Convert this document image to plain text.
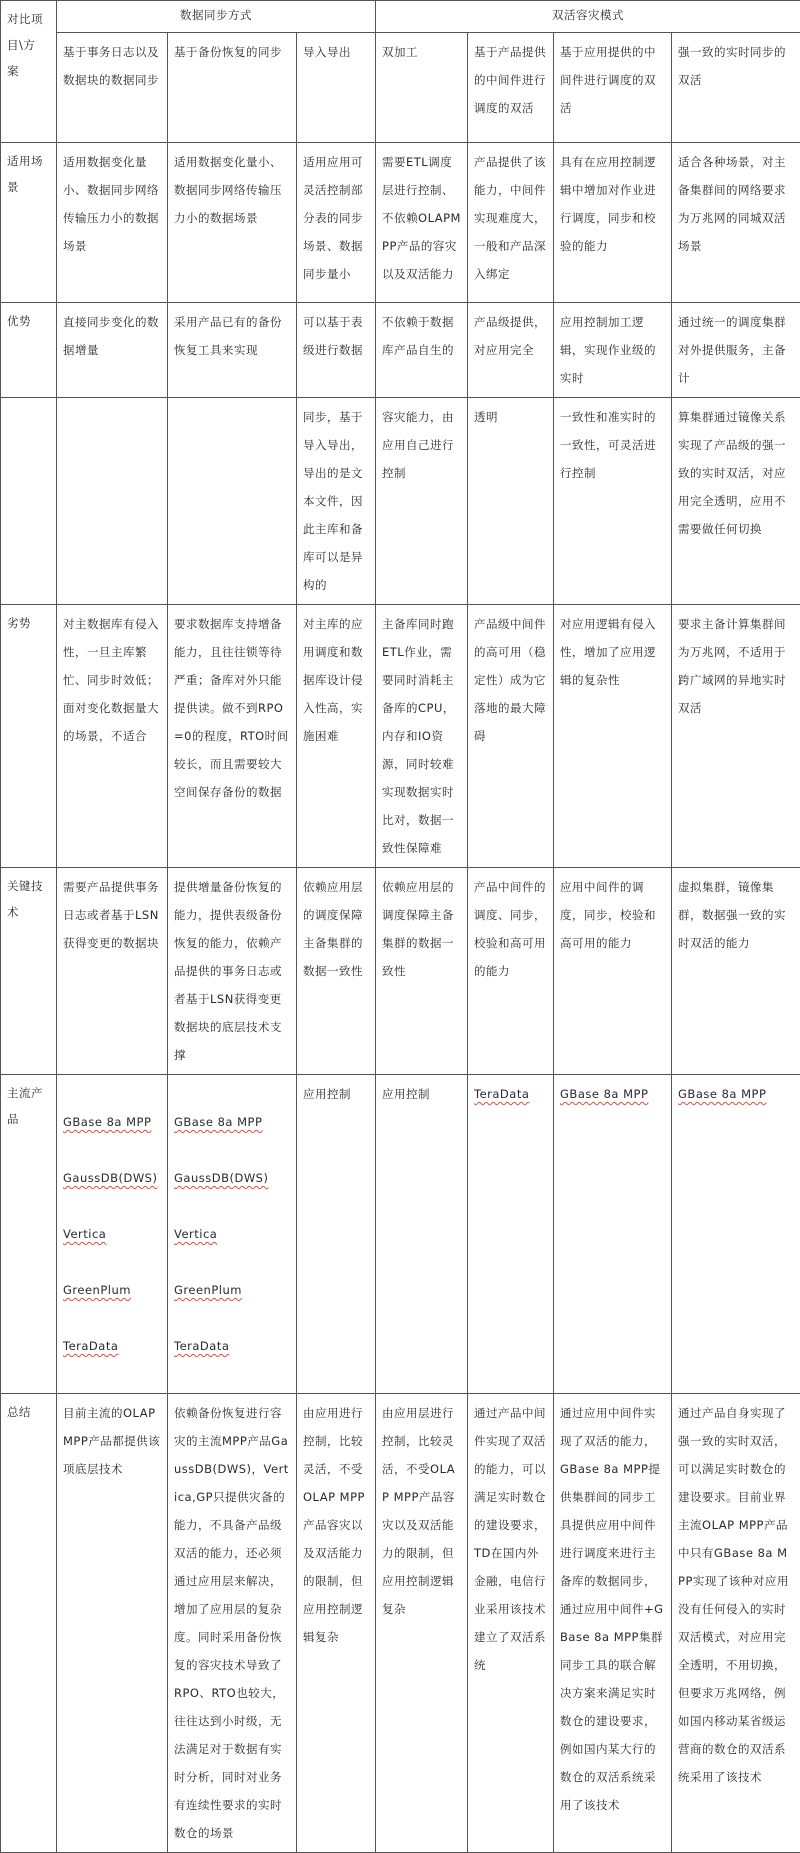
对比项
目\方
案	数据同步方式			双活容灾模式			
	基于事务日志以及数据块的数据同步	基于备份恢复的同步	导入导出	双加工	基于产品提供的中间件进行调度的双活	基于应用提供的中间件进行调度的双活	强一致的实时同步的双活
适用场
景	适用数据变化量小、数据同步网络传输压力小的数据场景	适用数据变化量小、数据同步网络传输压力小的数据场景	适用应用可灵活控制部分表的同步场景、数据同步量小	需要ETL调度层进行控制、不依赖OLAPMPP产品的容灾以及双活能力	产品提供了该能力，中间件实现难度大，一般和产品深入绑定	具有在应用控制逻辑中增加对作业进行调度，同步和校验的能力	适合各种场景，对主备集群间的网络要求为万兆网的同城双活场景
优势	直接同步变化的数据增量	采用产品已有的备份恢复工具来实现	可以基于表级进行数据	不依赖于数据库产品自生的	产品级提供，对应用完全	应用控制加工逻辑，实现作业级的实时	通过统一的调度集群对外提供服务，主备计
			同步，基于导入导出，导出的是文本文件，因此主库和备库可以是异构的	容灾能力，由应用自己进行控制	透明	一致性和准实时的一致性，可灵活进行控制	算集群通过镜像关系实现了产品级的强一致的实时双活，对应用完全透明，应用不需要做任何切换
劣势	对主数据库有侵入性，一旦主库繁忙、同步时效低；面对变化数据量大的场景，不适合	要求数据库支持增备能力，且往往锁等待严重；备库对外只能提供读。做不到RPO=0的程度，RTO时间较长，而且需要较大空间保存备份的数据	对主库的应用调度和数据库设计侵入性高，实施困难	主备库同时跑ETL作业，需要同时消耗主备库的CPU，内存和IO资源，同时较难实现数据实时比对，数据一致性保障难	产品级中间件的高可用（稳定性）成为它落地的最大障碍	对应用逻辑有侵入性，增加了应用逻辑的复杂性	要求主备计算集群间为万兆网，不适用于跨广域网的异地实时双活
关键技
术	需要产品提供事务日志或者基于LSN获得变更的数据块	提供增量备份恢复的能力，提供表级备份恢复的能力，依赖产品提供的事务日志或者基于LSN获得变更数据块的底层技术支撑	依赖应用层的调度保障主备集群的数据一致性	依赖应用层的调度保障主备集群的数据一致性	产品中间件的调度、同步，校验和高可用的能力	应用中间件的调度，同步，校验和高可用的能力	虚拟集群，镜像集群，数据强一致的实时双活的能力
主流产
品	GBase 8a MPP

GaussDB(DWS)

Vertica

GreenPlum

TeraData	GBase 8a MPP

GaussDB(DWS)

Vertica

GreenPlum

TeraData	应用控制	应用控制	TeraData	GBase 8a MPP	GBase 8a MPP
总结	目前主流的OLAP MPP产品都提供该项底层技术	依赖备份恢复进行容灾的主流MPP产品GaussDB(DWS)，Vertica,GP只提供灾备的能力，不具备产品级双活的能力，还必须通过应用层来解决，增加了应用层的复杂度。同时采用备份恢复的容灾技术导致了RPO、RTO也较大，往往达到小时级，无法满足对于数据有实时分析，同时对业务有连续性要求的实时数仓的场景	由应用进行控制，比较灵活，不受OLAP MPP产品容灾以及双活能力的限制，但应用控制逻辑复杂	由应用层进行控制，比较灵活，不受OLAP MPP产品容灾以及双活能力的限制，但应用控制逻辑复杂	通过产品中间件实现了双活的能力，可以满足实时数仓的建设要求，TD在国内外金融，电信行业采用该技术建立了双活系统	通过应用中间件实现了双活的能力，GBase 8a MPP提供集群间的同步工具提供应用中间件进行调度来进行主备库的数据同步，通过应用中间件+GBase 8a MPP集群同步工具的联合解决方案来满足实时数仓的建设要求，例如国内某大行的数仓的双活系统采用了该技术	通过产品自身实现了强一致的实时双活，可以满足实时数仓的建设要求。目前业界主流OLAP MPP产品中只有GBase 8a MPP实现了该种对应用没有任何侵入的实时双活模式，对应用完全透明，不用切换，但要求万兆网络，例如国内移动某省级运营商的数仓的双活系统采用了该技术
